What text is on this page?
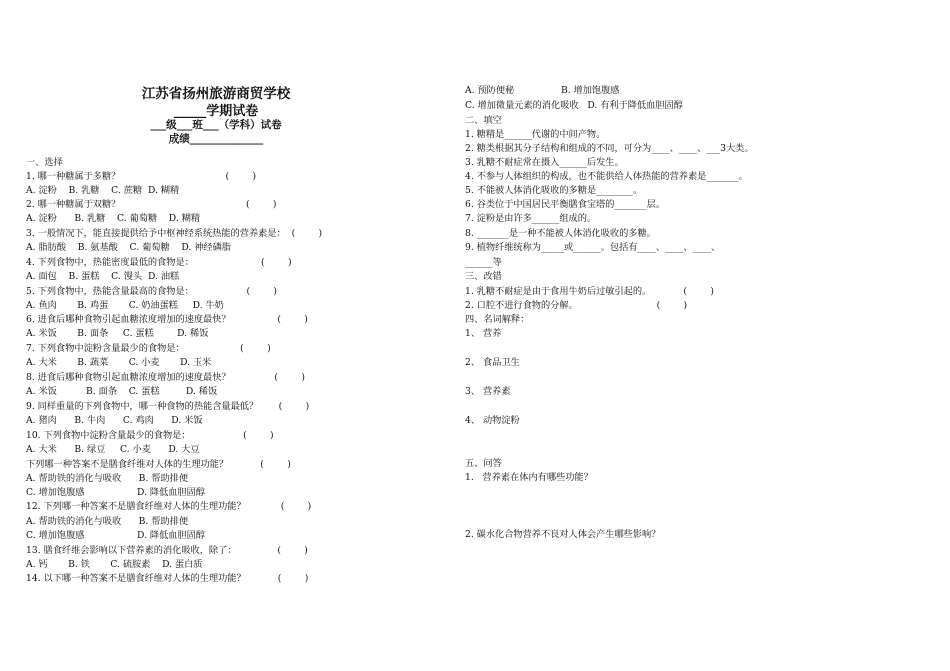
江苏省扬州旅游商贸学校
_____学期试卷
___级___班___（学科）试卷
成绩______________
一、选择
1. 哪一种糖属于多糖？                                    (        )
A. 淀粉    B. 乳糖    C. 蔗糖  D. 糊精
2. 哪一种糖属于双糖？                                           (        )
A. 淀粉      B. 乳糖    C. 葡萄糖    D. 糊精
3. 一般情况下，能直接提供给予中枢神经系统热能的营养素是：  (        )
A. 脂肪酸    B. 氨基酸    C. 葡萄糖    D. 神经磷脂
4. 下列食物中，热能密度最低的食物是：                       (        )
A. 面包    B. 蛋糕    C. 馒头  D. 油糕
5. 下列食物中，热能含量最高的食物是：                  (        )
A. 鱼肉       B. 鸡蛋       C. 奶油蛋糕     D. 牛奶
6. 进食后哪种食物引起血糖浓度增加的速度最快？                (        )
A. 米饭       B. 面条     C. 蛋糕        D. 稀饭
7. 下列食物中淀粉含量最少的食物是：                   (        )
A. 大米       B. 蔬菜       C. 小麦       D. 玉米
8. 进食后哪种食物引起血糖浓度增加的速度最快？               (        )
A. 米饭          B. 面条    C. 蛋糕         D. 稀饭
9. 同样重量的下列食物中，哪一种食物的热能含量最低？       (        )
A. 猪肉      B. 牛肉      C. 鸡肉      D. 米饭
10. 下列食物中淀粉含量最少的食物是：                  (        )
A. 大米      B. 绿豆     C. 小麦      D. 大豆
下列哪一种答案不是膳食纤维对人体的生理功能？           (        )
A. 帮助铁的消化与吸收      B. 帮助排便
C. 增加饱腹感                  D. 降低血胆固醇
12. 下列哪一种答案不是膳食纤维对人体的生理功能？            (        )
A. 帮助铁的消化与吸收      B. 帮助排便
C. 增加饱腹感                  D. 降低血胆固醇
13. 膳食纤维会影响以下营养素的消化吸收，除了：              (        )
A. 钙       B. 铁       C. 硫胺素    D. 蛋白质
14. 以下哪一种答案不是膳食纤维对人体的生理功能？           (        )
A. 预防便秘                B. 增加饱腹感
C. 增加微量元素的消化吸收   D. 有利于降低血胆固醇
二、填空
1. 糖精是______代谢的中间产物。
2. 糖类根据其分子结构和组成的不同，可分为____、____、___3大类。
3. 乳糖不耐症常在摄入______后发生。
4. 不参与人体组织的构成，也不能供给人体热能的营养素是_______。
5. 不能被人体消化吸收的多糖是________。
6. 谷类位于中国居民平衡膳食宝塔的_______层。
7. 淀粉是由许多______组成的。
8. _______是一种不能被人体消化吸收的多糖。
9. 植物纤维统称为_____或______。包括有____、____、____、
______等
三、改错
1. 乳糖不耐症是由于食用牛奶后过敏引起的。           (        )
2. 口腔不进行食物的分解。                           (        )
四、名词解释：
1、 营养
2、 食品卫生
3、 营养素
4、 动物淀粉
五、问答
1.   营养素在体内有哪些功能？
2. 碳水化合物营养不良对人体会产生哪些影响？
